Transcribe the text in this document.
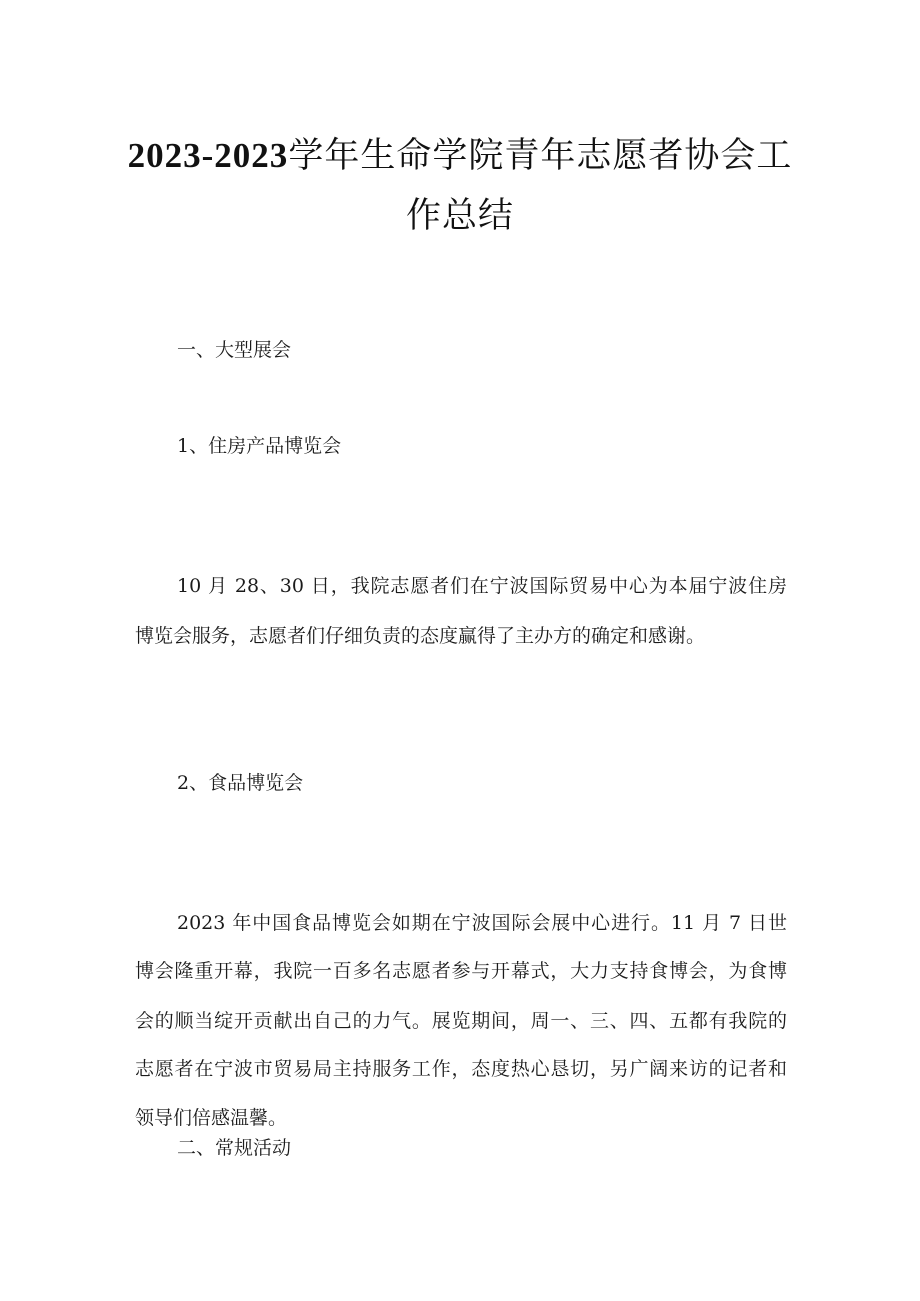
2023-2023学年生命学院青年志愿者协会工
作总结
一、大型展会
1、住房产品博览会
10 月 28、30 日，我院志愿者们在宁波国际贸易中心为本届宁波住房
博览会服务，志愿者们仔细负责的态度赢得了主办方的确定和感谢。
2、食品博览会
2023 年中国食品博览会如期在宁波国际会展中心进行。11 月 7 日世
博会隆重开幕，我院一百多名志愿者参与开幕式，大力支持食博会，为食博
会的顺当绽开贡献出自己的力气。展览期间，周一、三、四、五都有我院的
志愿者在宁波市贸易局主持服务工作，态度热心恳切，另广阔来访的记者和
领导们倍感温馨。
二、常规活动
